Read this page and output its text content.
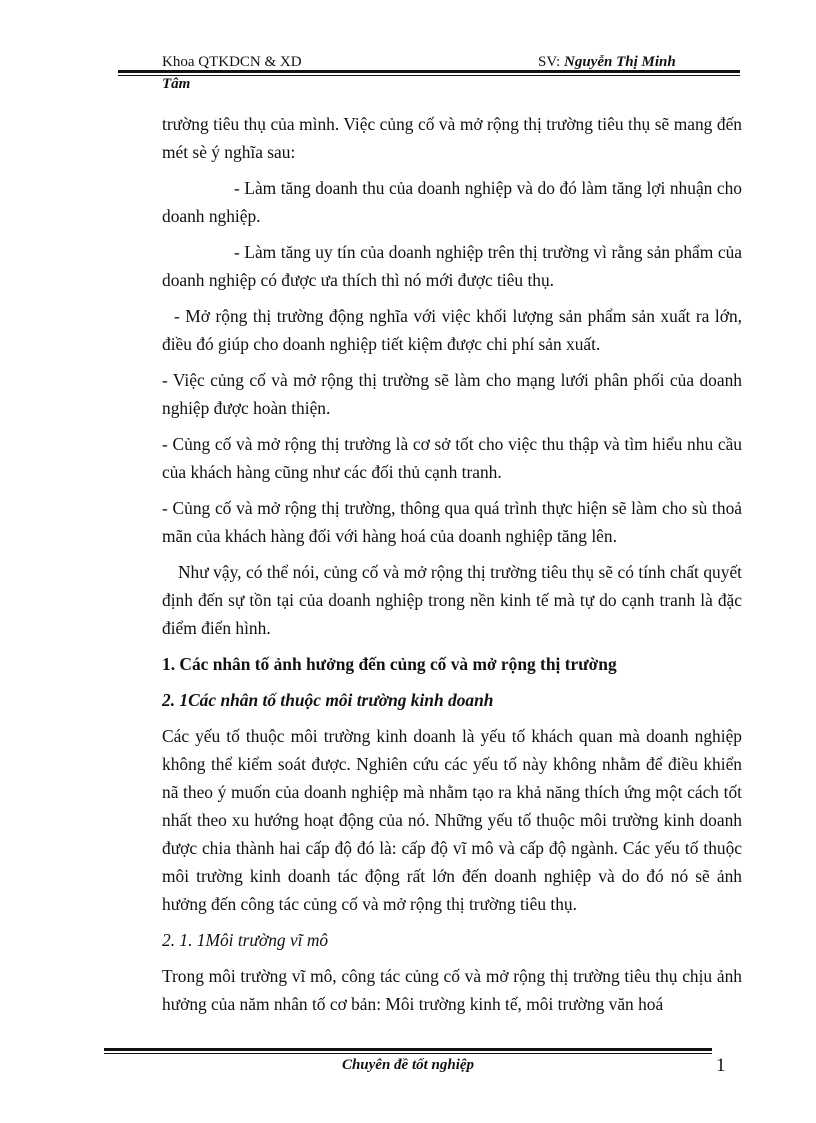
Khoa QTKDCN & XD	SV: Nguyễn Thị Minh
Tâm

trường tiêu thụ của mình. Việc củng cố và mở rộng thị trường tiêu thụ sẽ mang đến mét sè ý nghĩa sau:

- Làm tăng doanh thu của doanh nghiệp và do đó làm tăng lợi nhuận cho doanh nghiệp.

- Làm tăng uy tín của doanh nghiệp trên thị trường vì rằng sản phẩm của doanh nghiệp có được ưa thích thì nó mới được tiêu thụ.

- Mở rộng thị trường động nghĩa với việc khối lượng sản phẩm sản xuất ra lớn, điều đó giúp cho doanh nghiệp tiết kiệm được chi phí sản xuất.

- Việc củng cố và mở rộng thị trường sẽ làm cho mạng lưới phân phối của doanh nghiệp được hoàn thiện.

- Củng cố và mở rộng thị trường là cơ sở tốt cho việc thu thập và tìm hiểu nhu cầu của khách hàng cũng như các đối thủ cạnh tranh.

- Củng cố và mở rộng thị trường, thông qua quá trình thực hiện sẽ làm cho sù thoả mãn của khách hàng đối với hàng hoá của doanh nghiệp tăng lên.

Như vậy, có thể nói, củng cố và mở rộng thị trường tiêu thụ sẽ có tính chất quyết định đến sự tồn tại của doanh nghiệp trong nền kinh tế mà tự do cạnh tranh là đặc điểm điển hình.

1. Các nhân tố ảnh hưởng đến củng cố và mở rộng thị trường

2. 1Các nhân tố thuộc môi trường kinh doanh

Các yếu tố thuộc môi trường kinh doanh là yếu tố khách quan mà doanh nghiệp không thể kiểm soát được. Nghiên cứu các yếu tố này không nhằm để điều khiển nã theo ý muốn của doanh nghiệp mà nhằm tạo ra khả năng thích ứng một cách tốt nhất theo xu hướng hoạt động của nó. Những yếu tố thuộc môi trường kinh doanh được chia thành hai cấp độ đó là: cấp độ vĩ mô và cấp độ ngành. Các yếu tố thuộc môi trường kinh doanh tác động rất lớn đến doanh nghiệp và do đó nó sẽ ảnh hưởng đến công tác củng cố và mở rộng thị trường tiêu thụ.

2. 1. 1Môi trường vĩ mô

Trong môi trường vĩ mô, công tác củng cố và mở rộng thị trường tiêu thụ chịu ảnh hưởng của năm nhân tố cơ bản: Môi trường kinh tế, môi trường văn hoá

Chuyên đề tốt nghiệp	1
